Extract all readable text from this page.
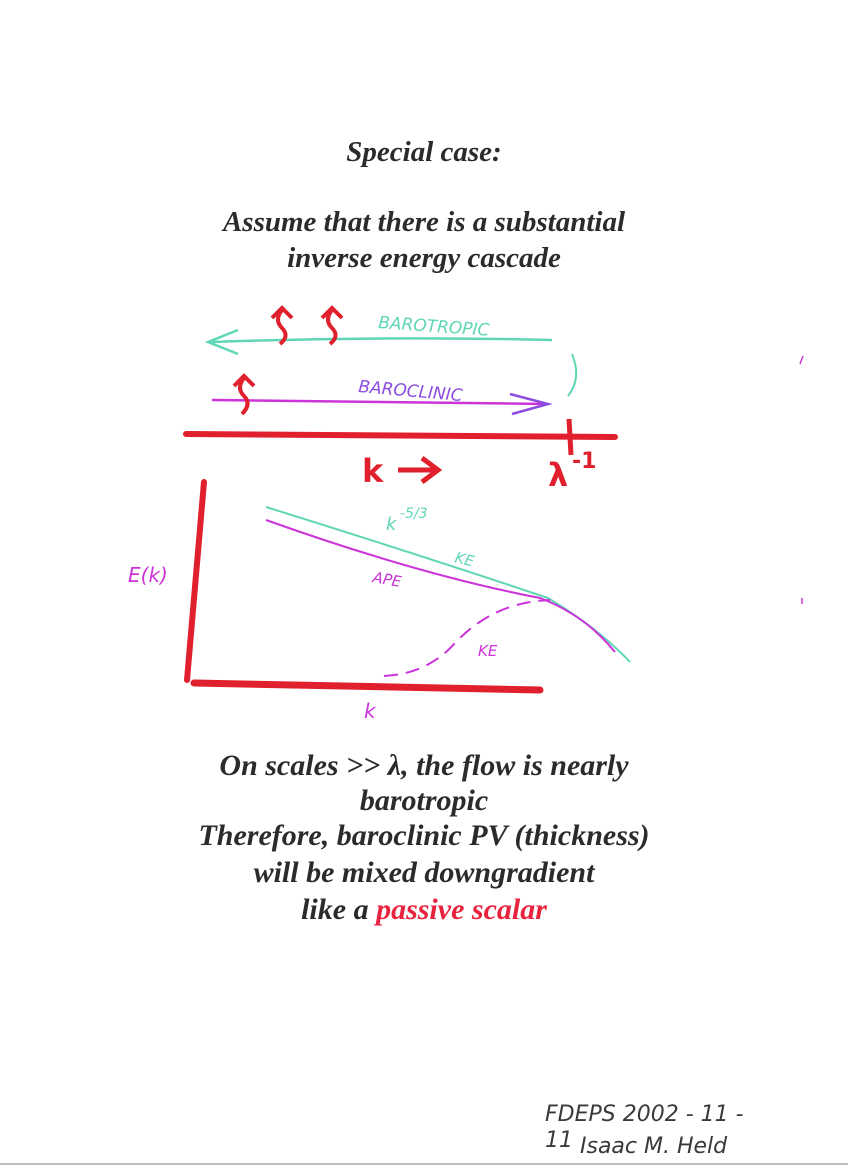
Special case:
Assume that there is a substantial
inverse energy cascade
BAROTROPIC
BAROCLINIC
k	λ -1
E(k)
k
k -5/3
KE
APE
KE
On scales >> λ, the flow is nearly
barotropic
Therefore, baroclinic PV (thickness)
will be mixed downgradient
like a passive scalar
FDEPS 2002 - 11 - 11 Isaac M. Held
